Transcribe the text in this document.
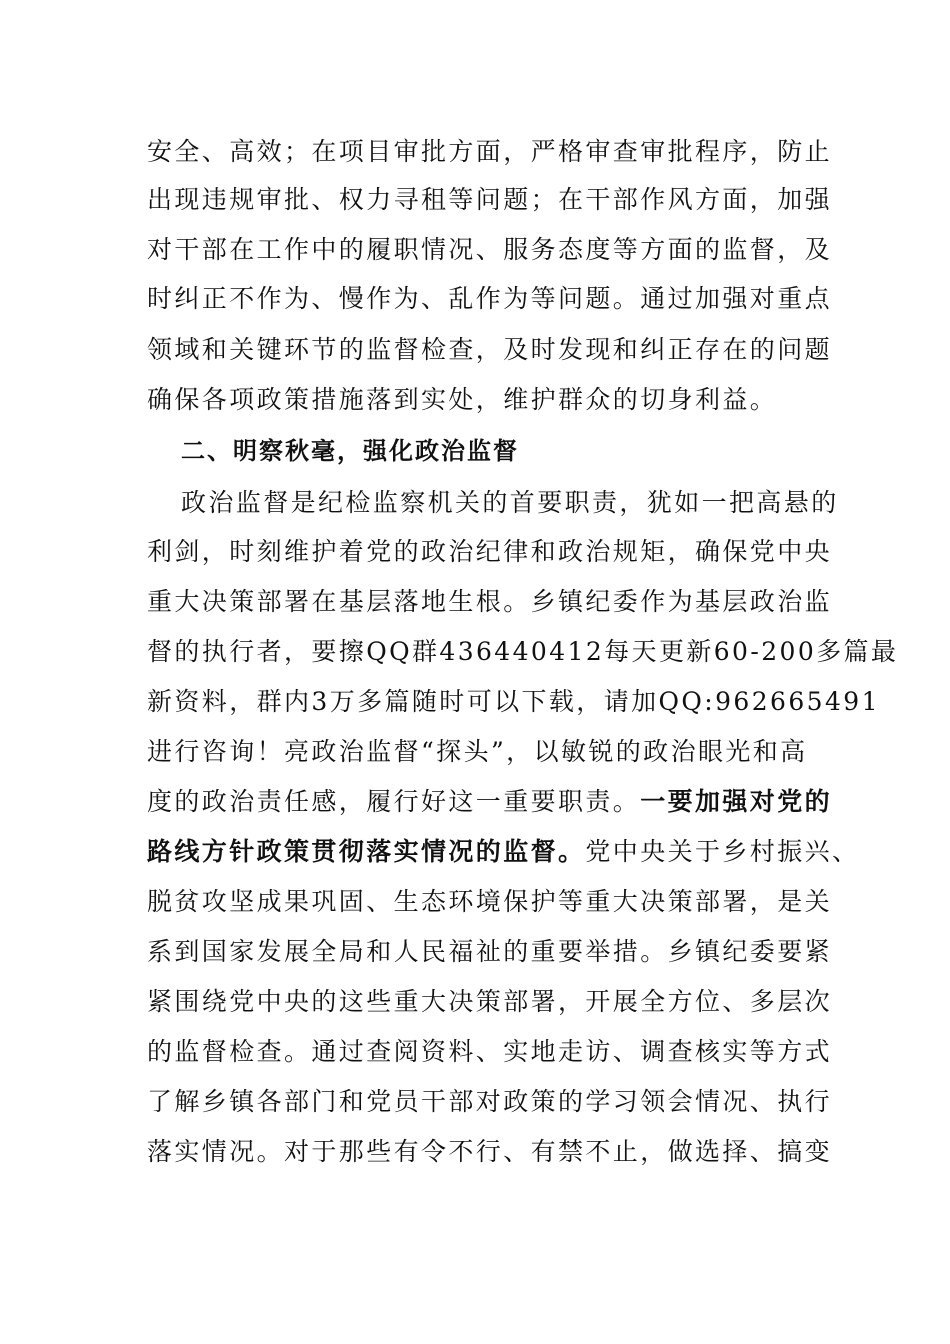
安全、高效；在项目审批方面，严格审查审批程序，防止
出现违规审批、权力寻租等问题；在干部作风方面，加强
对干部在工作中的履职情况、服务态度等方面的监督，及
时纠正不作为、慢作为、乱作为等问题。通过加强对重点
领域和关键环节的监督检查，及时发现和纠正存在的问题
确保各项政策措施落到实处，维护群众的切身利益。
二、明察秋毫，强化政治监督
政治监督是纪检监察机关的首要职责，犹如一把高悬的
利剑，时刻维护着党的政治纪律和政治规矩，确保党中央
重大决策部署在基层落地生根。乡镇纪委作为基层政治监
督的执行者，要擦QQ群436440412每天更新60-200多篇最
新资料，群内3万多篇随时可以下载，请加QQ:962665491
进行咨询！亮政治监督“探头”，以敏锐的政治眼光和高
度的政治责任感，履行好这一重要职责。一要加强对党的
路线方针政策贯彻落实情况的监督。党中央关于乡村振兴、
脱贫攻坚成果巩固、生态环境保护等重大决策部署，是关
系到国家发展全局和人民福祉的重要举措。乡镇纪委要紧
紧围绕党中央的这些重大决策部署，开展全方位、多层次
的监督检查。通过查阅资料、实地走访、调查核实等方式
了解乡镇各部门和党员干部对政策的学习领会情况、执行
落实情况。对于那些有令不行、有禁不止，做选择、搞变
